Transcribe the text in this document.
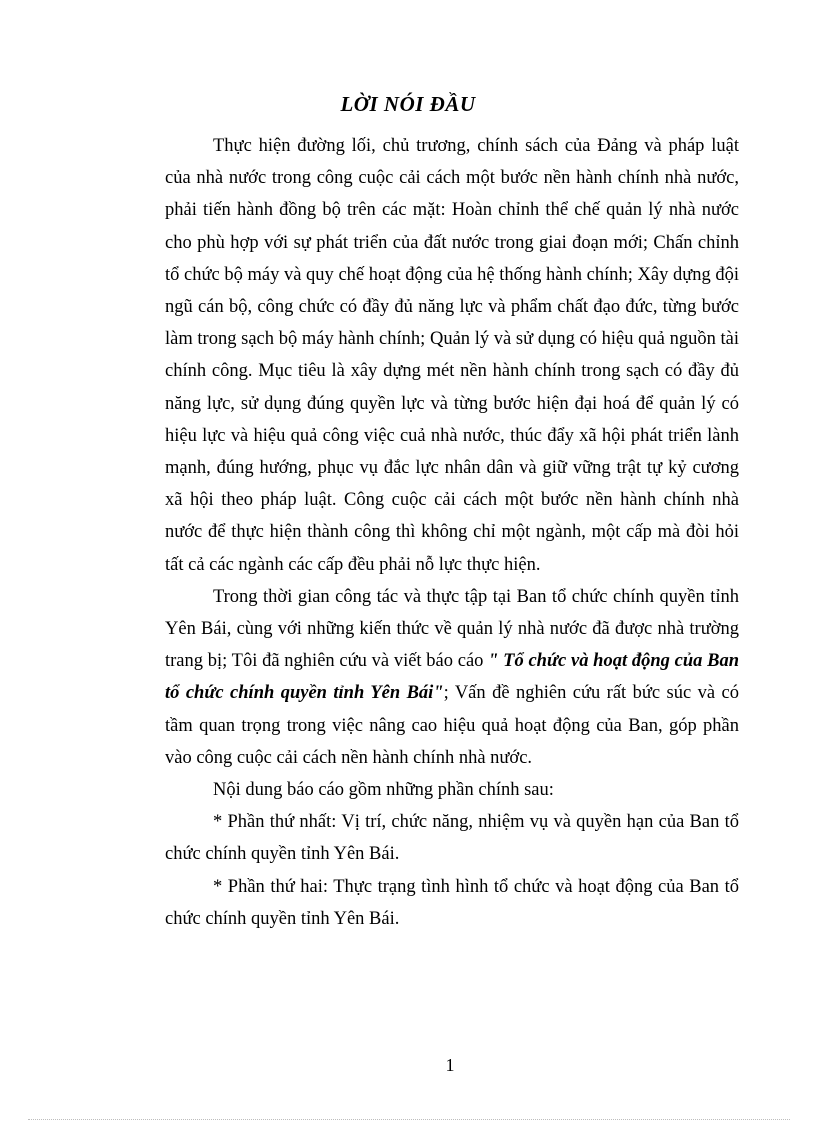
LỜI NÓI ĐẦU

Thực hiện đường lối, chủ trương, chính sách của Đảng và pháp luật của nhà nước trong công cuộc cải cách một bước nền hành chính nhà nước, phải tiến hành đồng bộ trên các mặt: Hoàn chỉnh thể chế quản lý nhà nước cho phù hợp với sự phát triển của đất nước trong giai đoạn mới; Chấn chỉnh tổ chức bộ máy và quy chế hoạt động của hệ thống hành chính; Xây dựng đội ngũ cán bộ, công chức có đầy đủ năng lực và phẩm chất đạo đức, từng bước làm trong sạch bộ máy hành chính; Quản lý và sử dụng có hiệu quả nguồn tài chính công. Mục tiêu là xây dựng mét nền hành chính trong sạch có đầy đủ năng lực, sử dụng đúng quyền lực và từng bước hiện đại hoá để quản lý có hiệu lực và hiệu quả công việc cuả nhà nước, thúc đẩy xã hội phát triển lành mạnh, đúng hướng, phục vụ đắc lực nhân dân và giữ vững trật tự kỷ cương xã hội theo pháp luật. Công cuộc cải cách một bước nền hành chính nhà nước để thực hiện thành công thì không chỉ một ngành, một cấp mà đòi hỏi tất cả các ngành các cấp đều phải nỗ lực thực hiện.

Trong thời gian công tác và thực tập tại Ban tổ chức chính quyền tỉnh Yên Bái, cùng với những kiến thức về quản lý nhà nước đã được nhà trường trang bị; Tôi đã nghiên cứu và viết báo cáo " Tổ chức và hoạt động của Ban tổ chức chính quyền tỉnh Yên Bái"; Vấn đề nghiên cứu rất bức súc và có tầm quan trọng trong việc nâng cao hiệu quả hoạt động của Ban, góp phần vào công cuộc cải cách nền hành chính nhà nước.

Nội dung báo cáo gồm những phần chính sau:

* Phần thứ nhất: Vị trí, chức năng, nhiệm vụ và quyền hạn của Ban tổ chức chính quyền tỉnh Yên Bái.

* Phần thứ hai: Thực trạng tình hình tổ chức và hoạt động của Ban tổ chức chính quyền tỉnh Yên Bái.

1
